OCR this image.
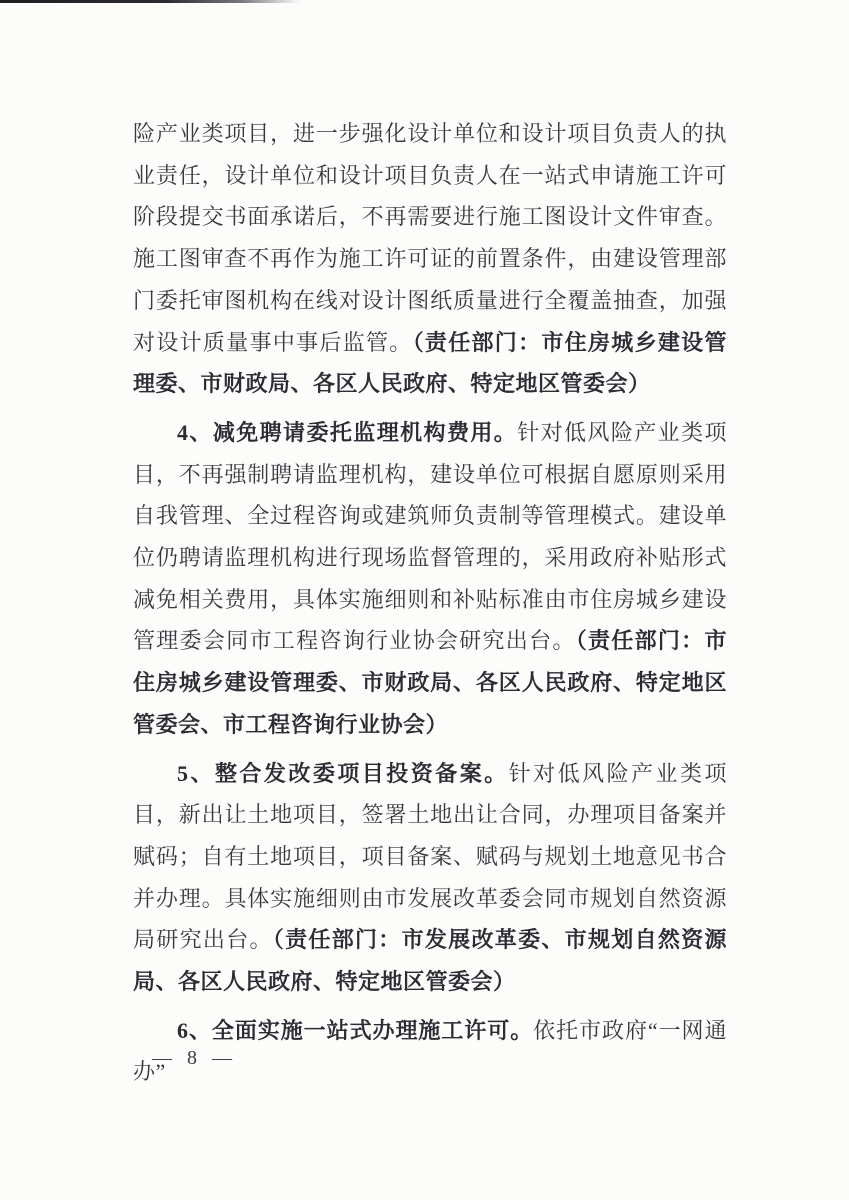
险产业类项目，进一步强化设计单位和设计项目负责人的执业责任，设计单位和设计项目负责人在一站式申请施工许可阶段提交书面承诺后，不再需要进行施工图设计文件审查。施工图审查不再作为施工许可证的前置条件，由建设管理部门委托审图机构在线对设计图纸质量进行全覆盖抽查，加强对设计质量事中事后监管。（责任部门：市住房城乡建设管理委、市财政局、各区人民政府、特定地区管委会）

4、减免聘请委托监理机构费用。针对低风险产业类项目，不再强制聘请监理机构，建设单位可根据自愿原则采用自我管理、全过程咨询或建筑师负责制等管理模式。建设单位仍聘请监理机构进行现场监督管理的，采用政府补贴形式减免相关费用，具体实施细则和补贴标准由市住房城乡建设管理委会同市工程咨询行业协会研究出台。（责任部门：市住房城乡建设管理委、市财政局、各区人民政府、特定地区管委会、市工程咨询行业协会）

5、整合发改委项目投资备案。针对低风险产业类项目，新出让土地项目，签署土地出让合同，办理项目备案并赋码；自有土地项目，项目备案、赋码与规划土地意见书合并办理。具体实施细则由市发展改革委会同市规划自然资源局研究出台。（责任部门：市发展改革委、市规划自然资源局、各区人民政府、特定地区管委会）

6、全面实施一站式办理施工许可。依托市政府“一网通办”

— 8 —
